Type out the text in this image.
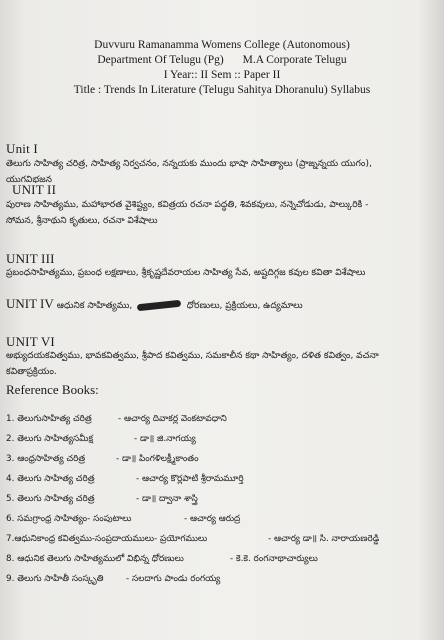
Duvvuru Ramanamma Womens College (Autonomous)
Department Of Telugu (Pg) M.A Corporate Telugu
I Year:: II Sem :: Paper II
Title : Trends In Literature (Telugu Sahitya Dhoranulu) Syllabus
Unit I
తెలుగు సాహిత్య చరిత్ర, సాహిత్య నిర్వచనం, నన్నయకు ముందు భాషా సాహిత్యాలు (ప్రాఙ్నన్నయ యుగం),
యుగవిభజన
UNIT II
పురాణ సాహిత్యము, మహాభారత వైశిష్ట్యం, కవిత్రయ రచనా పద్ధతి, శివకవులు, నన్నెచోడుడు, పాల్కురికి -
సోమన, శ్రీనాథుని కృతులు, రచనా విశేషాలు
UNIT III
ప్రబంధసాహిత్యము, ప్రబంధ లక్షణాలు, శ్రీకృష్ణదేవరాయల సాహిత్య సేవ, అష్టదిగ్గజ కవుల కవితా విశేషాలు
UNIT IV ఆధునిక సాహిత్యము,	ధోరణులు, ప్రక్రియలు, ఉద్యమాలు
UNIT VI
అభ్యుదయకవిత్వము, భావకవిత్వము, శ్రీపాద కవిత్వము, సమకాలీన కథా సాహిత్యం, దళిత కవిత్వం, వచనా
కవితాప్రక్రియం.
Reference Books:
1. తెలుగుసాహిత్య చరిత్ర	- ఆచార్య దివాకర్ల వెంకటావధాని
2. తెలుగు సాహిత్యసమీక్ష	- డా॥ జి.నాగయ్య
3. ఆంధ్రసాహిత్య చరిత్ర	- డా॥ పింగళిలక్ష్మీకాంతం
4. తెలుగు సాహిత్య చరిత్ర	- ఆచార్య కొర్లపాటి శ్రీరామమూర్తి
5. తెలుగు సాహిత్య చరిత్ర	- డా॥ ద్వానా శాస్త్రి
6. సమగ్రాంధ్ర సాహిత్యం- సంపుటాలు	- ఆచార్య ఆరుద్ర
7.ఆధునికాంధ్ర కవిత్వము-సంప్రదాయములు- ప్రయోగములు	- ఆచార్య డా॥ సి. నారాయణరెడ్డి
8. ఆధునిక తెలుగు సాహిత్యములో విభిన్న ధోరణులు	- కె.కె. రంగనాథాచార్యులు
9. తెలుగు సాహితీ సంస్కృతి	- సలదాగు పాండు రంగయ్య
